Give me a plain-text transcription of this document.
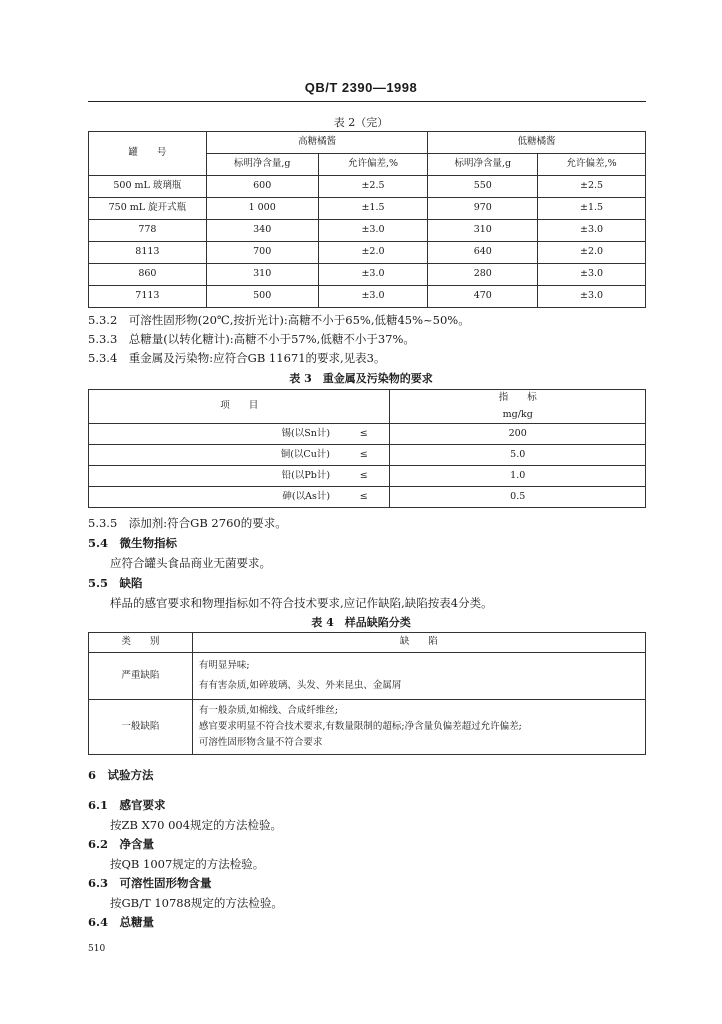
QB/T 2390—1998
表 2（完）
罐　　号	高糖橘酱		低糖橘酱	
	标明净含量,g	允许偏差,%	标明净含量,g	允许偏差,%
500 mL 玻璃瓶	600	±2.5	550	±2.5
750 mL 旋开式瓶	1 000	±1.5	970	±1.5
778	340	±3.0	310	±3.0
8113	700	±2.0	640	±2.0
860	310	±3.0	280	±3.0
7113	500	±3.0	470	±3.0
5.3.2　 可溶性固形物(20℃,按折光计):高糖不小于65%,低糖45%~50%。
5.3.3　 总糖量(以转化糖计):高糖不小于57%,低糖不小于37%。
5.3.4　 重金属及污染物:应符合GB 11671的要求,见表3。
表 3　重金属及污染物的要求
项　　目		指　　标
		mg/kg
锡(以Sn计)	≤	200
铜(以Cu计)	≤	5.0
铅(以Pb计)	≤	1.0
砷(以As计)	≤	0.5
5.3.5　 添加剂:符合GB 2760的要求。
5.4　 微生物指标
应符合罐头食品商业无菌要求。
5.5　 缺陷
样品的感官要求和物理指标如不符合技术要求,应记作缺陷,缺陷按表4分类。
表 4　样品缺陷分类
类　　别	缺　　陷
严重缺陷	有明显异味;
有有害杂质,如碎玻璃、头发、外来昆虫、金属屑

一般缺陷	有一般杂质,如棉线、合成纤维丝;
感官要求明显不符合技术要求,有数量限制的超标;净含量负偏差超过允许偏差;
可溶性固形物含量不符合要求
6　 试验方法
6.1　 感官要求
按ZB X70 004规定的方法检验。
6.2　 净含量
按QB 1007规定的方法检验。
6.3　 可溶性固形物含量
按GB/T 10788规定的方法检验。
6.4　 总糖量
510
